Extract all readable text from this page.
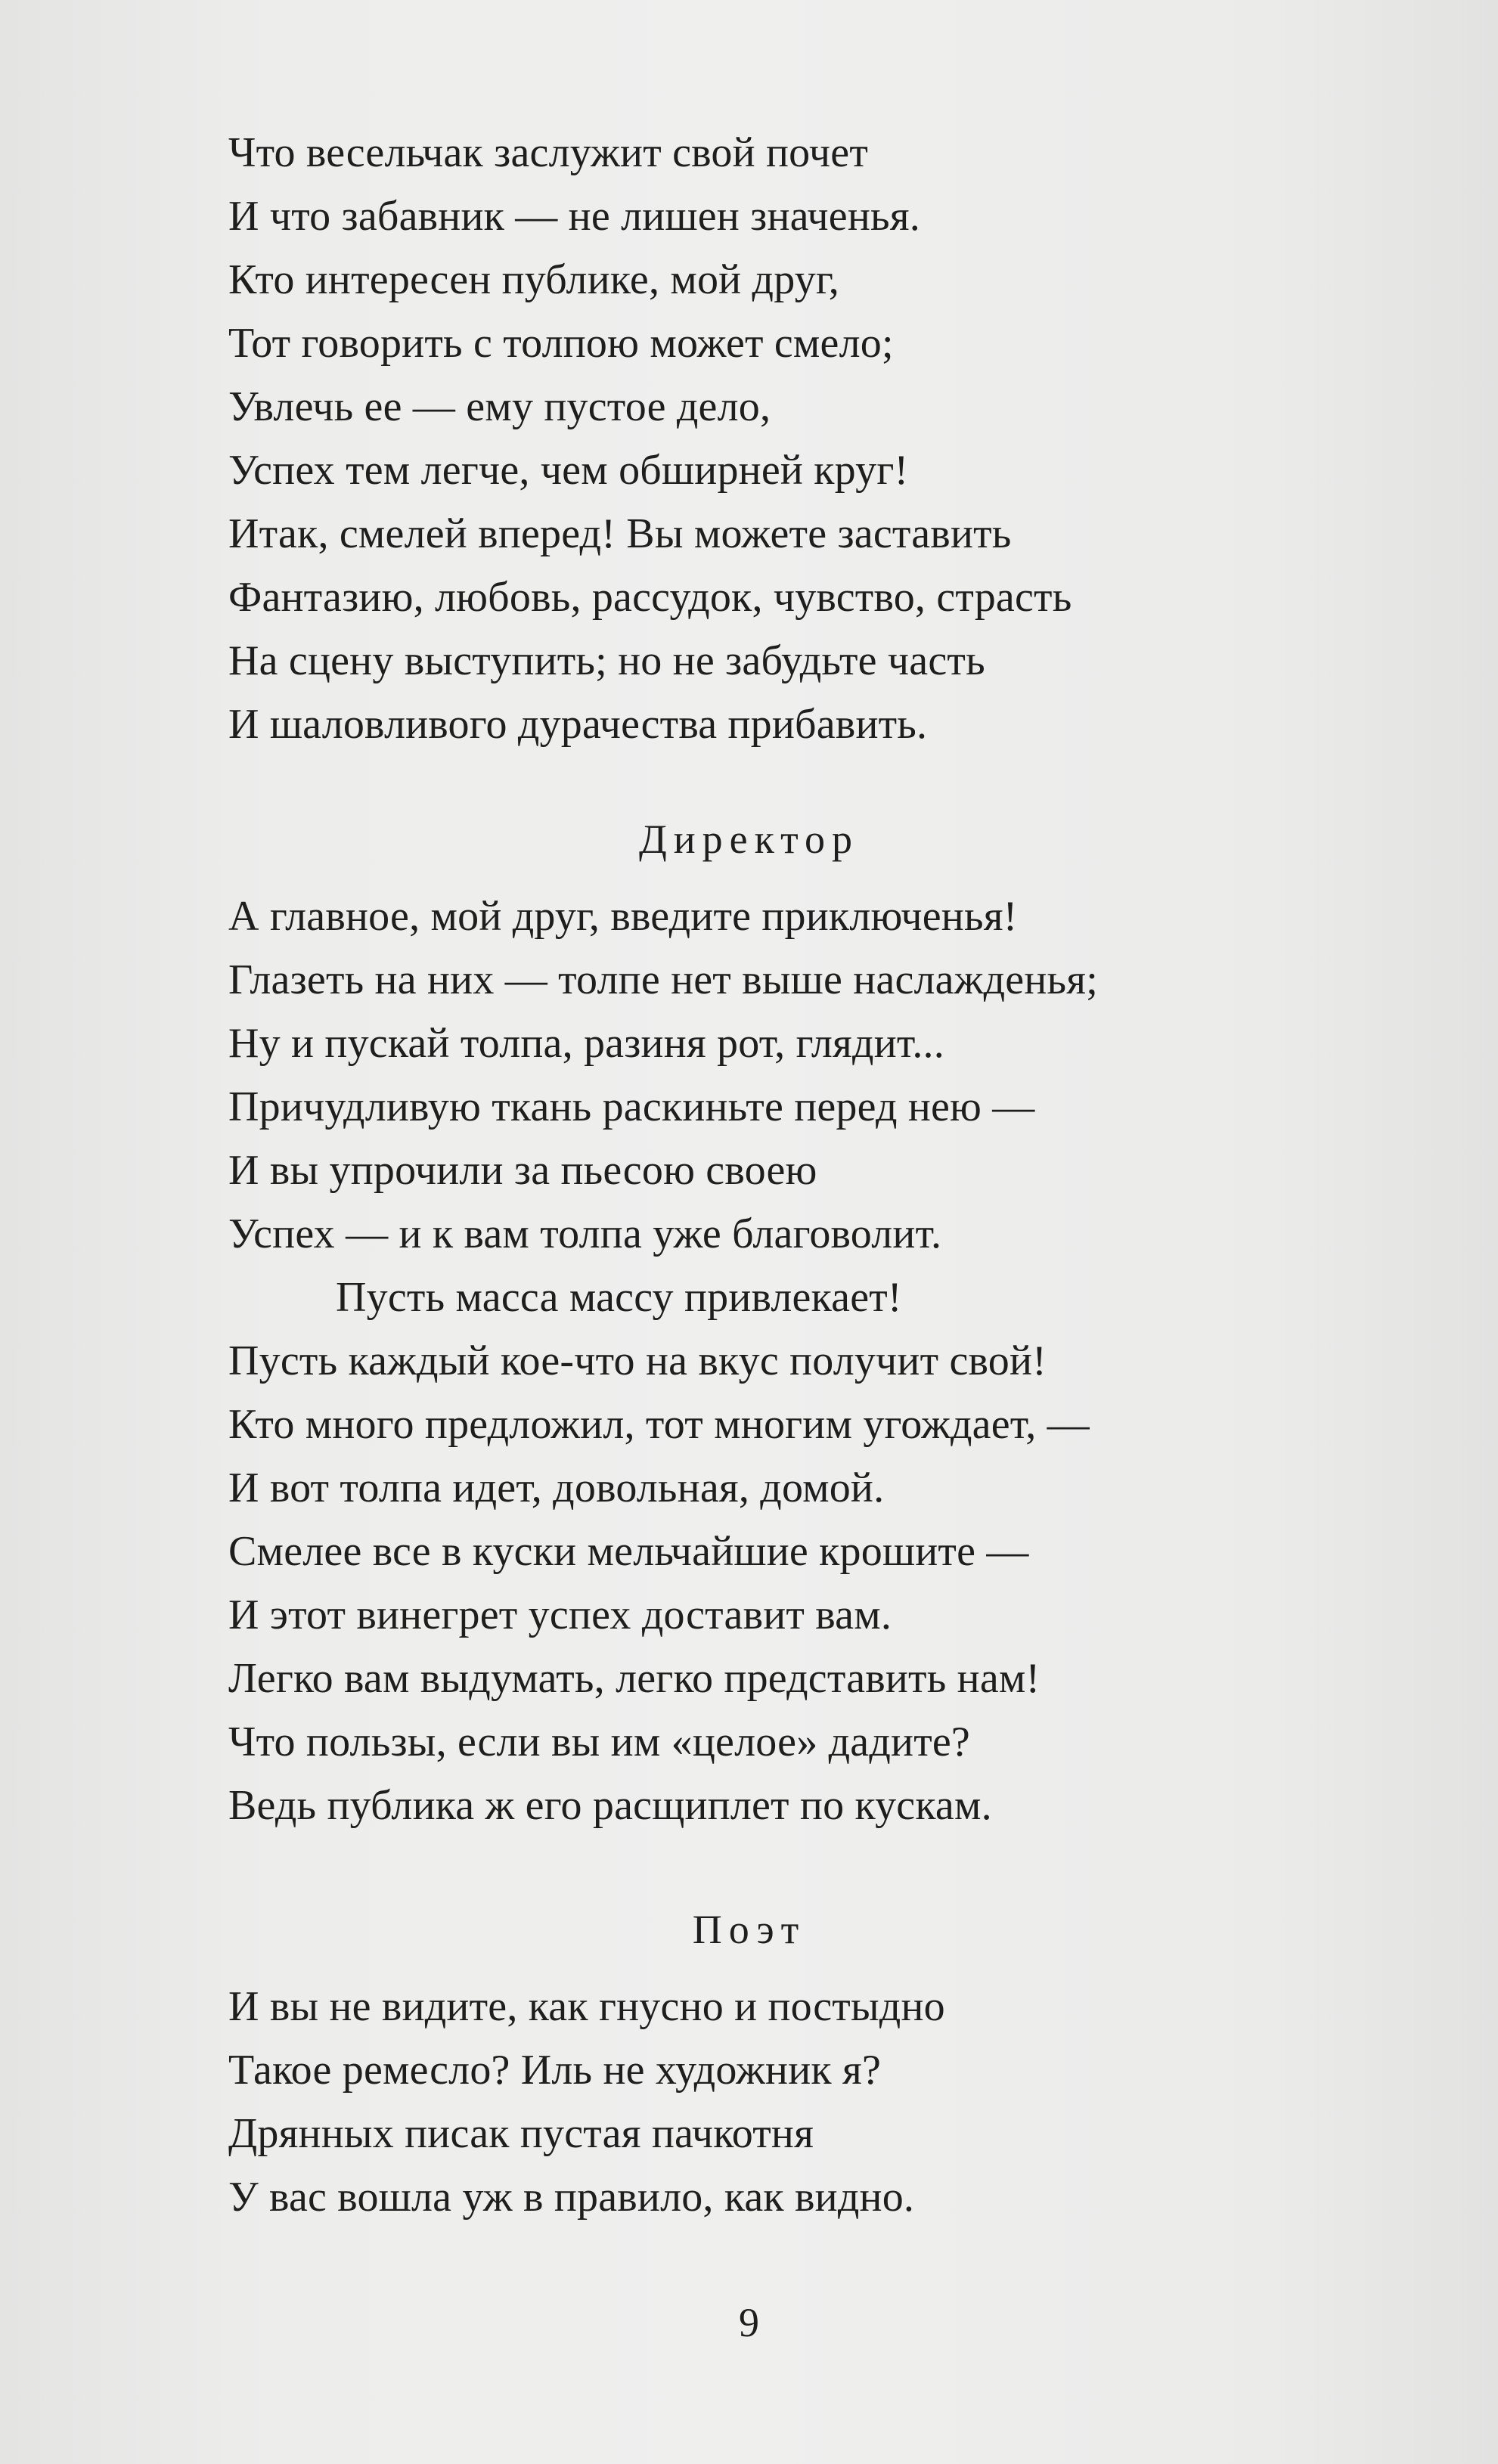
Что весельчак заслужит свой почет
И что забавник — не лишен значенья.
Кто интересен публике, мой друг,
Тот говорить с толпою может смело;
Увлечь ее — ему пустое дело,
Успех тем легче, чем обширней круг!
Итак, смелей вперед! Вы можете заставить
Фантазию, любовь, рассудок, чувство, страсть
На сцену выступить; но не забудьте часть
И шаловливого дурачества прибавить.
Директор
А главное, мой друг, введите приключенья!
Глазеть на них — толпе нет выше наслажденья;
Ну и пускай толпа, разиня рот, глядит...
Причудливую ткань раскиньте перед нею —
И вы упрочили за пьесою своею
Успех — и к вам толпа уже благоволит.
Пусть масса массу привлекает!
Пусть каждый кое-что на вкус получит свой!
Кто много предложил, тот многим угождает, —
И вот толпа идет, довольная, домой.
Смелее все в куски мельчайшие крошите —
И этот винегрет успех доставит вам.
Легко вам выдумать, легко представить нам!
Что пользы, если вы им «целое» дадите?
Ведь публика ж его расщиплет по кускам.
Поэт
И вы не видите, как гнусно и постыдно
Такое ремесло? Иль не художник я?
Дрянных писак пустая пачкотня
У вас вошла уж в правило, как видно.
9
